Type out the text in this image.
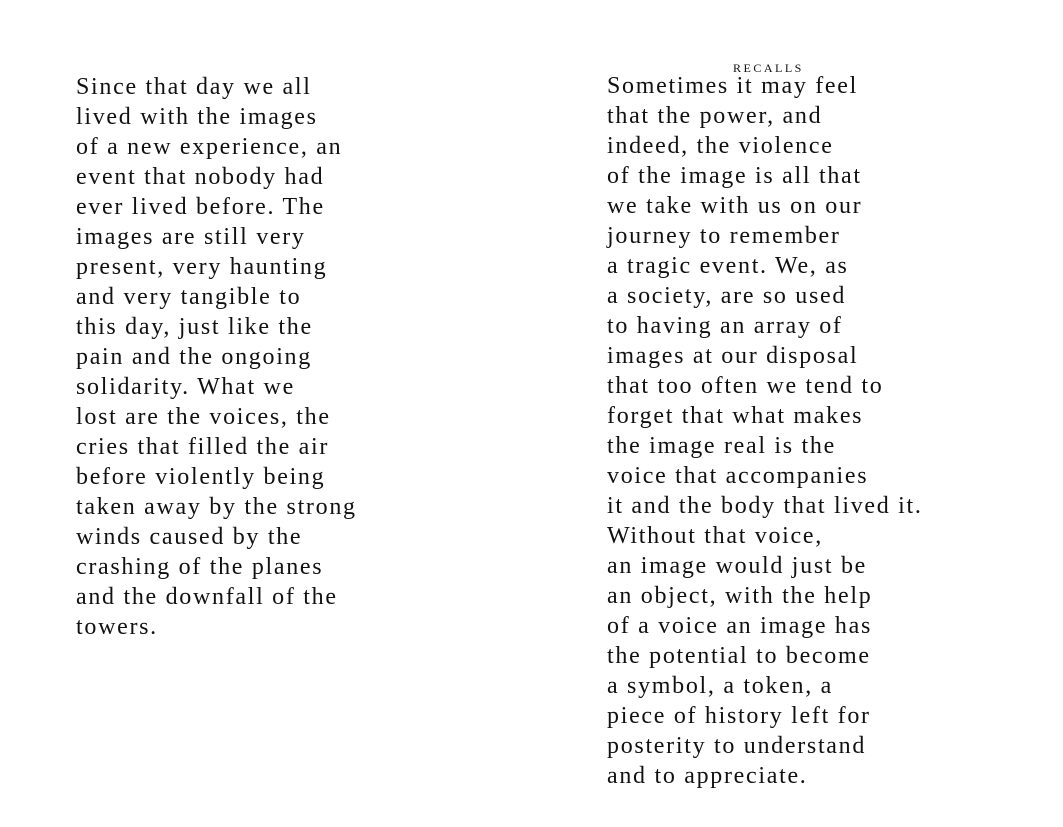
RECALLS
Since that day we all
lived with the images
of a new experience, an
event that nobody had
ever lived before. The
images are still very
present, very haunting
and very tangible to
this day, just like the
pain and the ongoing
solidarity. What we
lost are the voices, the
cries that filled the air
before violently being
taken away by the strong
winds caused by the
crashing of the planes
and the downfall of the
towers.
Sometimes it may feel
that the power, and
indeed, the violence
of the image is all that
we take with us on our
journey to remember
a tragic event. We, as
a society, are so used
to having an array of
images at our disposal
that too often we tend to
forget that what makes
the image real is the
voice that accompanies
it and the body that lived it.
Without that voice,
an image would just be
an object, with the help
of a voice an image has
the potential to become
a symbol, a token, a
piece of history left for
posterity to understand
and to appreciate.
